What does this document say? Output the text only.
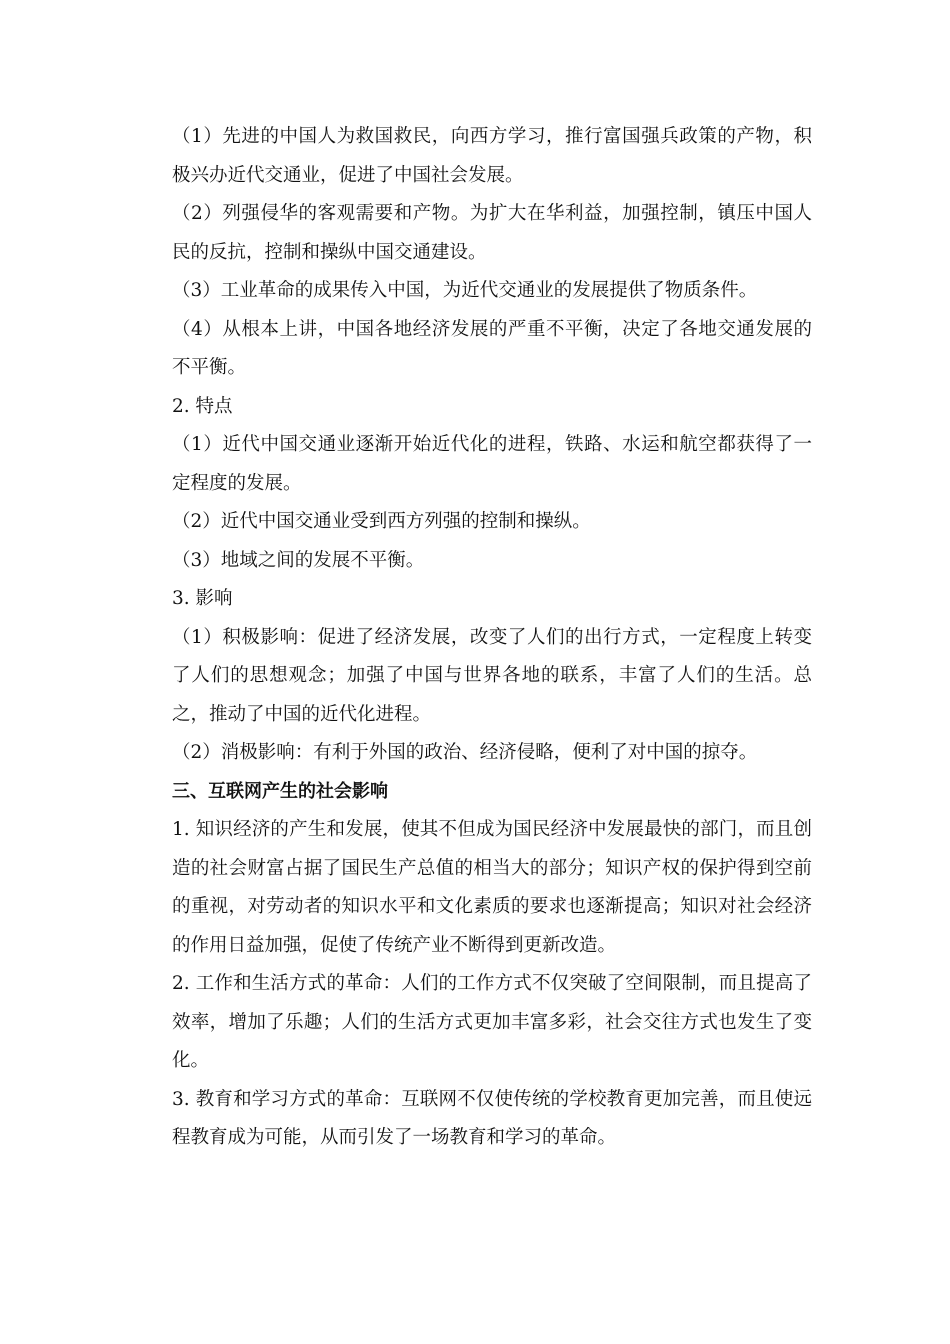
（1）先进的中国人为救国救民，向西方学习，推行富国强兵政策的产物，积极兴办近代交通业，促进了中国社会发展。

（2）列强侵华的客观需要和产物。为扩大在华利益，加强控制，镇压中国人民的反抗，控制和操纵中国交通建设。

（3）工业革命的成果传入中国，为近代交通业的发展提供了物质条件。

（4）从根本上讲，中国各地经济发展的严重不平衡，决定了各地交通发展的不平衡。

2. 特点

（1）近代中国交通业逐渐开始近代化的进程，铁路、水运和航空都获得了一定程度的发展。

（2）近代中国交通业受到西方列强的控制和操纵。

（3）地域之间的发展不平衡。

3. 影响

（1）积极影响：促进了经济发展，改变了人们的出行方式，一定程度上转变了人们的思想观念；加强了中国与世界各地的联系，丰富了人们的生活。总之，推动了中国的近代化进程。

（2）消极影响：有利于外国的政治、经济侵略，便利了对中国的掠夺。

三、互联网产生的社会影响

1. 知识经济的产生和发展，使其不但成为国民经济中发展最快的部门，而且创造的社会财富占据了国民生产总值的相当大的部分；知识产权的保护得到空前的重视，对劳动者的知识水平和文化素质的要求也逐渐提高；知识对社会经济的作用日益加强，促使了传统产业不断得到更新改造。

2. 工作和生活方式的革命：人们的工作方式不仅突破了空间限制，而且提高了效率，增加了乐趣；人们的生活方式更加丰富多彩，社会交往方式也发生了变化。

3. 教育和学习方式的革命：互联网不仅使传统的学校教育更加完善，而且使远程教育成为可能，从而引发了一场教育和学习的革命。
